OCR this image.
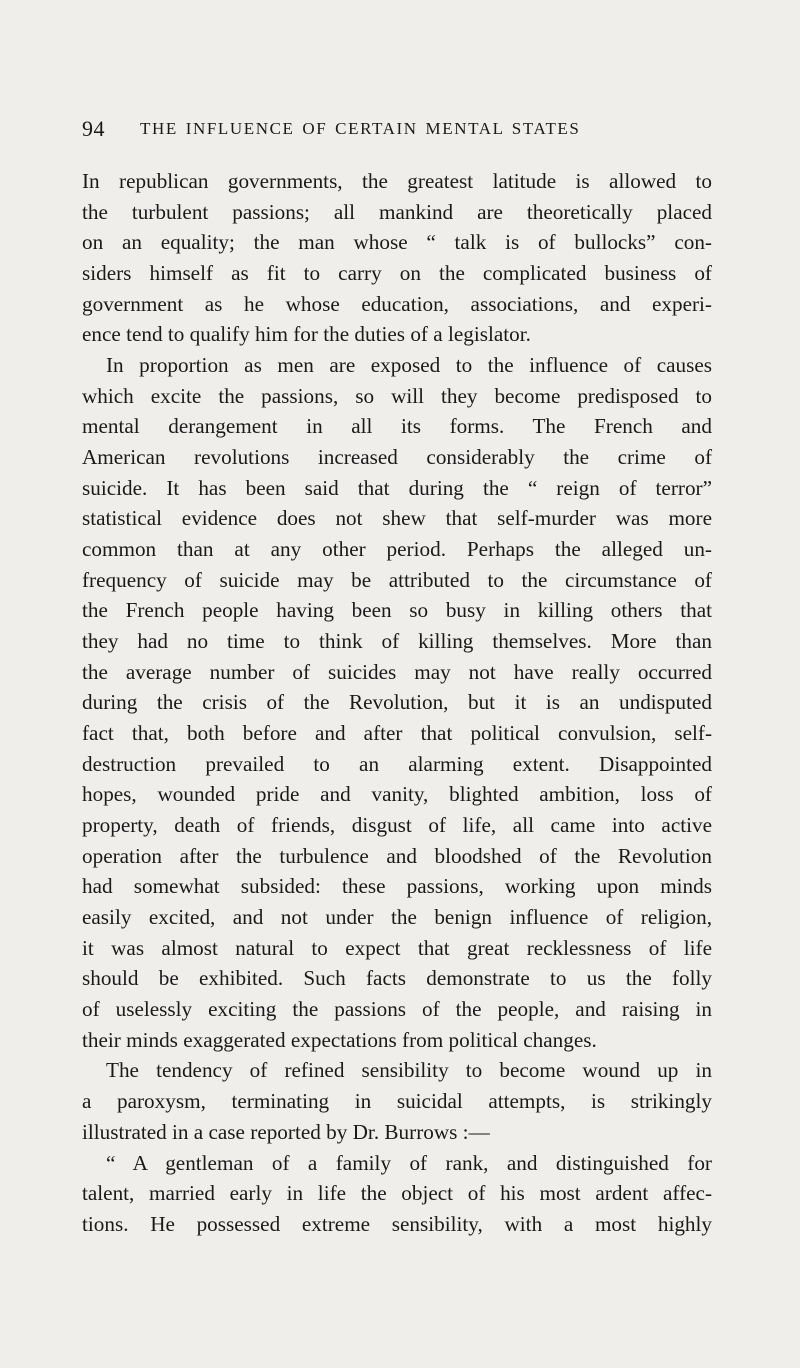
94 THE INFLUENCE OF CERTAIN MENTAL STATES
In republican governments, the greatest latitude is allowed to
the turbulent passions; all mankind are theoretically placed
on an equality; the man whose “ talk is of bullocks” con-
siders himself as fit to carry on the complicated business of
government as he whose education, associations, and experi-
ence tend to qualify him for the duties of a legislator.
In proportion as men are exposed to the influence of causes
which excite the passions, so will they become predisposed to
mental derangement in all its forms. The French and
American revolutions increased considerably the crime of
suicide. It has been said that during the “ reign of terror”
statistical evidence does not shew that self-murder was more
common than at any other period. Perhaps the alleged un-
frequency of suicide may be attributed to the circumstance of
the French people having been so busy in killing others that
they had no time to think of killing themselves. More than
the average number of suicides may not have really occurred
during the crisis of the Revolution, but it is an undisputed
fact that, both before and after that political convulsion, self-
destruction prevailed to an alarming extent. Disappointed
hopes, wounded pride and vanity, blighted ambition, loss of
property, death of friends, disgust of life, all came into active
operation after the turbulence and bloodshed of the Revolution
had somewhat subsided: these passions, working upon minds
easily excited, and not under the benign influence of religion,
it was almost natural to expect that great recklessness of life
should be exhibited. Such facts demonstrate to us the folly
of uselessly exciting the passions of the people, and raising in
their minds exaggerated expectations from political changes.
The tendency of refined sensibility to become wound up in
a paroxysm, terminating in suicidal attempts, is strikingly
illustrated in a case reported by Dr. Burrows :—
“ A gentleman of a family of rank, and distinguished for
talent, married early in life the object of his most ardent affec-
tions. He possessed extreme sensibility, with a most highly
